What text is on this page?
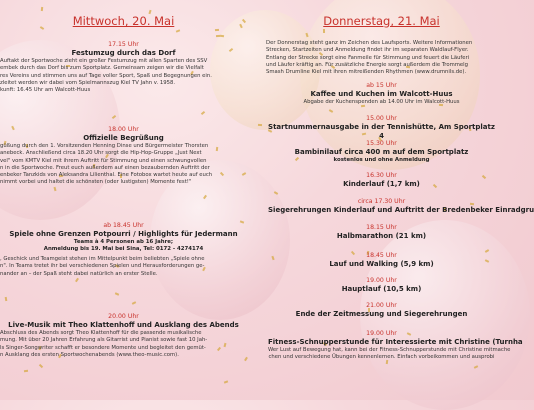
Mittwoch, 20. Mai
17.15 Uhr
Festumzug durch das Dorf
Auftakt der Sportwoche zieht ein großer Festumzug mit allen Sparten des SSV
embek durch das Dorf bis zum Sportplatz. Gemeinsam zeigen wir die Vielfalt
res Vereins und stimmen uns auf Tage voller Sport, Spaß und Begegnungen ein.
zleitet werden wir dabei vom Spielmannszug Kiel TV Jahn v. 1958.
kunft: 16.45 Uhr am Walcott-Huus
18.00 Uhr
Offizielle Begrüßung
güßung durch den 1. Vorsitzenden Henning Dinse und Bürgermeister Thorsten
anebeck. Anschließend circa 18.20 Uhr sorgt die Hip-Hop-Gruppe „Just Next
vel" vom KMTV Kiel mit ihrem Auftritt für Stimmung und einen schwungvollen
n in die Sportwoche. Freut euch außerdem auf einen bezaubernden Auftritt der
enbeker Tanzkids von Aleksandra Lilienthal. Eine Fotobox wartet heute auf euch
nimmt vorbei und haltet die schönsten (oder lustigsten) Momente fest!"
ab 18.45 Uhr
Spiele ohne Grenzen Potpourri / Highlights für Jedermann
Teams à 4 Personen ab 16 Jahre;
Anmeldung bis 19. Mai bei Sina, Tel: 0172 - 4274174
, Geschick und Teamgeist stehen im Mittelpunkt beim beliebten „Spiele ohne
n". In Teams tretet ihr bei verschiedenen Spielen und Herausforderungen ge-
nander an – der Spaß steht dabei natürlich an erster Stelle.
20.00 Uhr
Live-Musik mit Theo Klattenhoff und Ausklang des Abends
Abschluss des Abends sorgt Theo Klattenhoff für die passende musikalische
mung. Mit über 20 Jahren Erfahrung als Gitarrist und Pianist sowie fast 10 Jah-
ls Singer-Songwriter schafft er besondere Momente und begleitet den gemüt-
n Ausklang des ersten Sportwochenabends (www.theo-music.com).
Donnerstag, 21. Mai
Der Donnerstag steht ganz im Zeichen des Laufsports. Weitere Informationen
Strecken, Startzeiten und Anmeldung findet ihr im separaten Waldlauf-Flyer.
Entlang der Strecke sorgt eine Fanmeile für Stimmung und feuert die Läuferi
und Läufer kräftig an. Für zusätzliche Energie sorgt außerdem die Trommelg
Smash Drumline Kiel mit ihren mitreißenden Rhythmen (www.drumnils.de).
ab 15 Uhr
Kaffee und Kuchen im Walcott-Huus
Abgabe der Kuchenspenden ab 14.00 Uhr im Walcott-Huus
15.00 Uhr
Startnummernausgabe in der Tennishütte, Am Sportplatz 4
15.30 Uhr
Bambinilauf circa 400 m auf dem Sportplatz
kostenlos und ohne Anmeldung
16.30 Uhr
Kinderlauf (1,7 km)
circa 17.30 Uhr
Siegerehrungen Kinderlauf und Auftritt der Bredenbeker Einradgru
18.15 Uhr
Halbmarathon (21 km)
18.45 Uhr
Lauf und Walking (5,9 km)
19.00 Uhr
Hauptlauf (10,5 km)
21.00 Uhr
Ende der Zeitmessung und Siegerehrungen
19.00 Uhr
Fitness-Schnupperstunde für Interessierte mit Christine (Turnha
Wer Lust auf Bewegung hat, kann bei der Fitness-Schnupperstunde mit Christine mitmache
chen und verschiedene Übungen kennenlernen. Einfach vorbeikommen und ausprobi
